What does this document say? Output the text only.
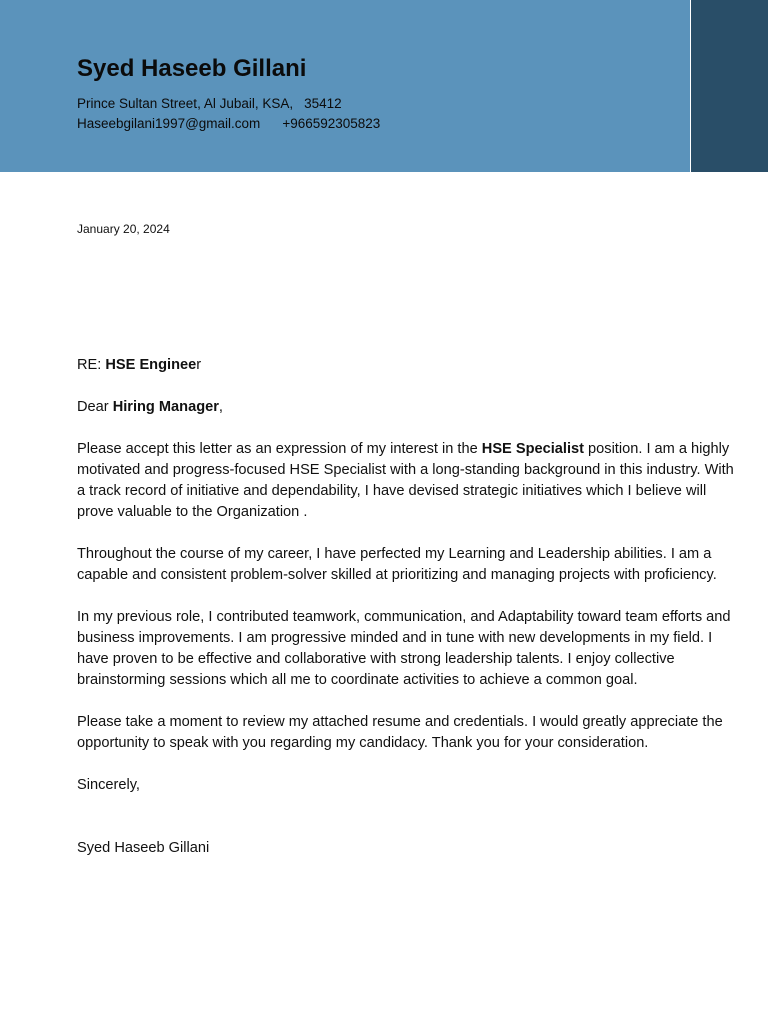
Syed Haseeb Gillani
Prince Sultan Street, Al Jubail, KSA, 35412
Haseebgilani1997@gmail.com +966592305823
January 20, 2024

RE: HSE Engineer

Dear Hiring Manager,

Please accept this letter as an expression of my interest in the HSE Specialist position. I am a highly motivated and progress-focused HSE Specialist with a long-standing background in this industry. With a track record of initiative and dependability, I have devised strategic initiatives which I believe will prove valuable to the Organization .

Throughout the course of my career, I have perfected my Learning and Leadership abilities. I am a capable and consistent problem-solver skilled at prioritizing and managing projects with proficiency.

In my previous role, I contributed teamwork, communication, and Adaptability toward team efforts and business improvements. I am progressive minded and in tune with new developments in my field. I have proven to be effective and collaborative with strong leadership talents. I enjoy collective brainstorming sessions which all me to coordinate activities to achieve a common goal.

Please take a moment to review my attached resume and credentials. I would greatly appreciate the opportunity to speak with you regarding my candidacy. Thank you for your consideration.

Sincerely,

Syed Haseeb Gillani
